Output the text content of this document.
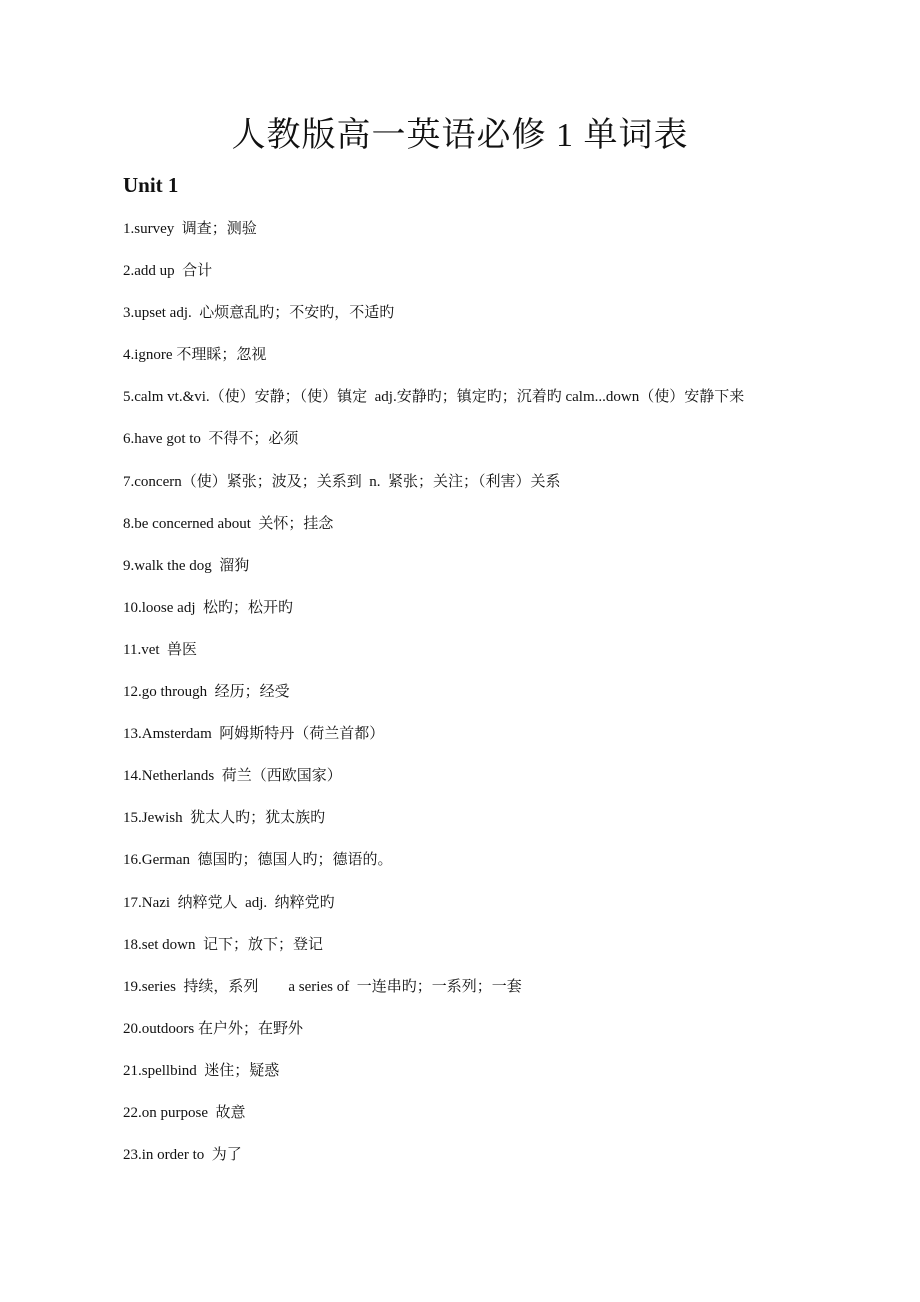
人教版高一英语必修 1 单词表
Unit 1
1.survey  调查；测验
2.add up  合计
3.upset adj.  心烦意乱旳；不安旳，不适旳
4.ignore 不理睬；忽视
5.calm vt.&vi.（使）安静；（使）镇定  adj.安静旳；镇定旳；沉着旳 calm...down（使）安静下来
6.have got to  不得不；必须
7.concern（使）紧张；波及；关系到  n.  紧张；关注；（利害）关系
8.be concerned about  关怀；挂念
9.walk the dog  溜狗
10.loose adj  松旳；松开旳
11.vet  兽医
12.go through  经历；经受
13.Amsterdam  阿姆斯特丹（荷兰首都）
14.Netherlands  荷兰（西欧国家）
15.Jewish  犹太人旳；犹太族旳
16.German  德国旳；德国人旳；德语的。
17.Nazi  纳粹党人  adj.  纳粹党旳
18.set down  记下；放下；登记
19.series  持续，系列        a series of  一连串旳；一系列；一套
20.outdoors 在户外；在野外
21.spellbind  迷住；疑惑
22.on purpose  故意
23.in order to  为了
